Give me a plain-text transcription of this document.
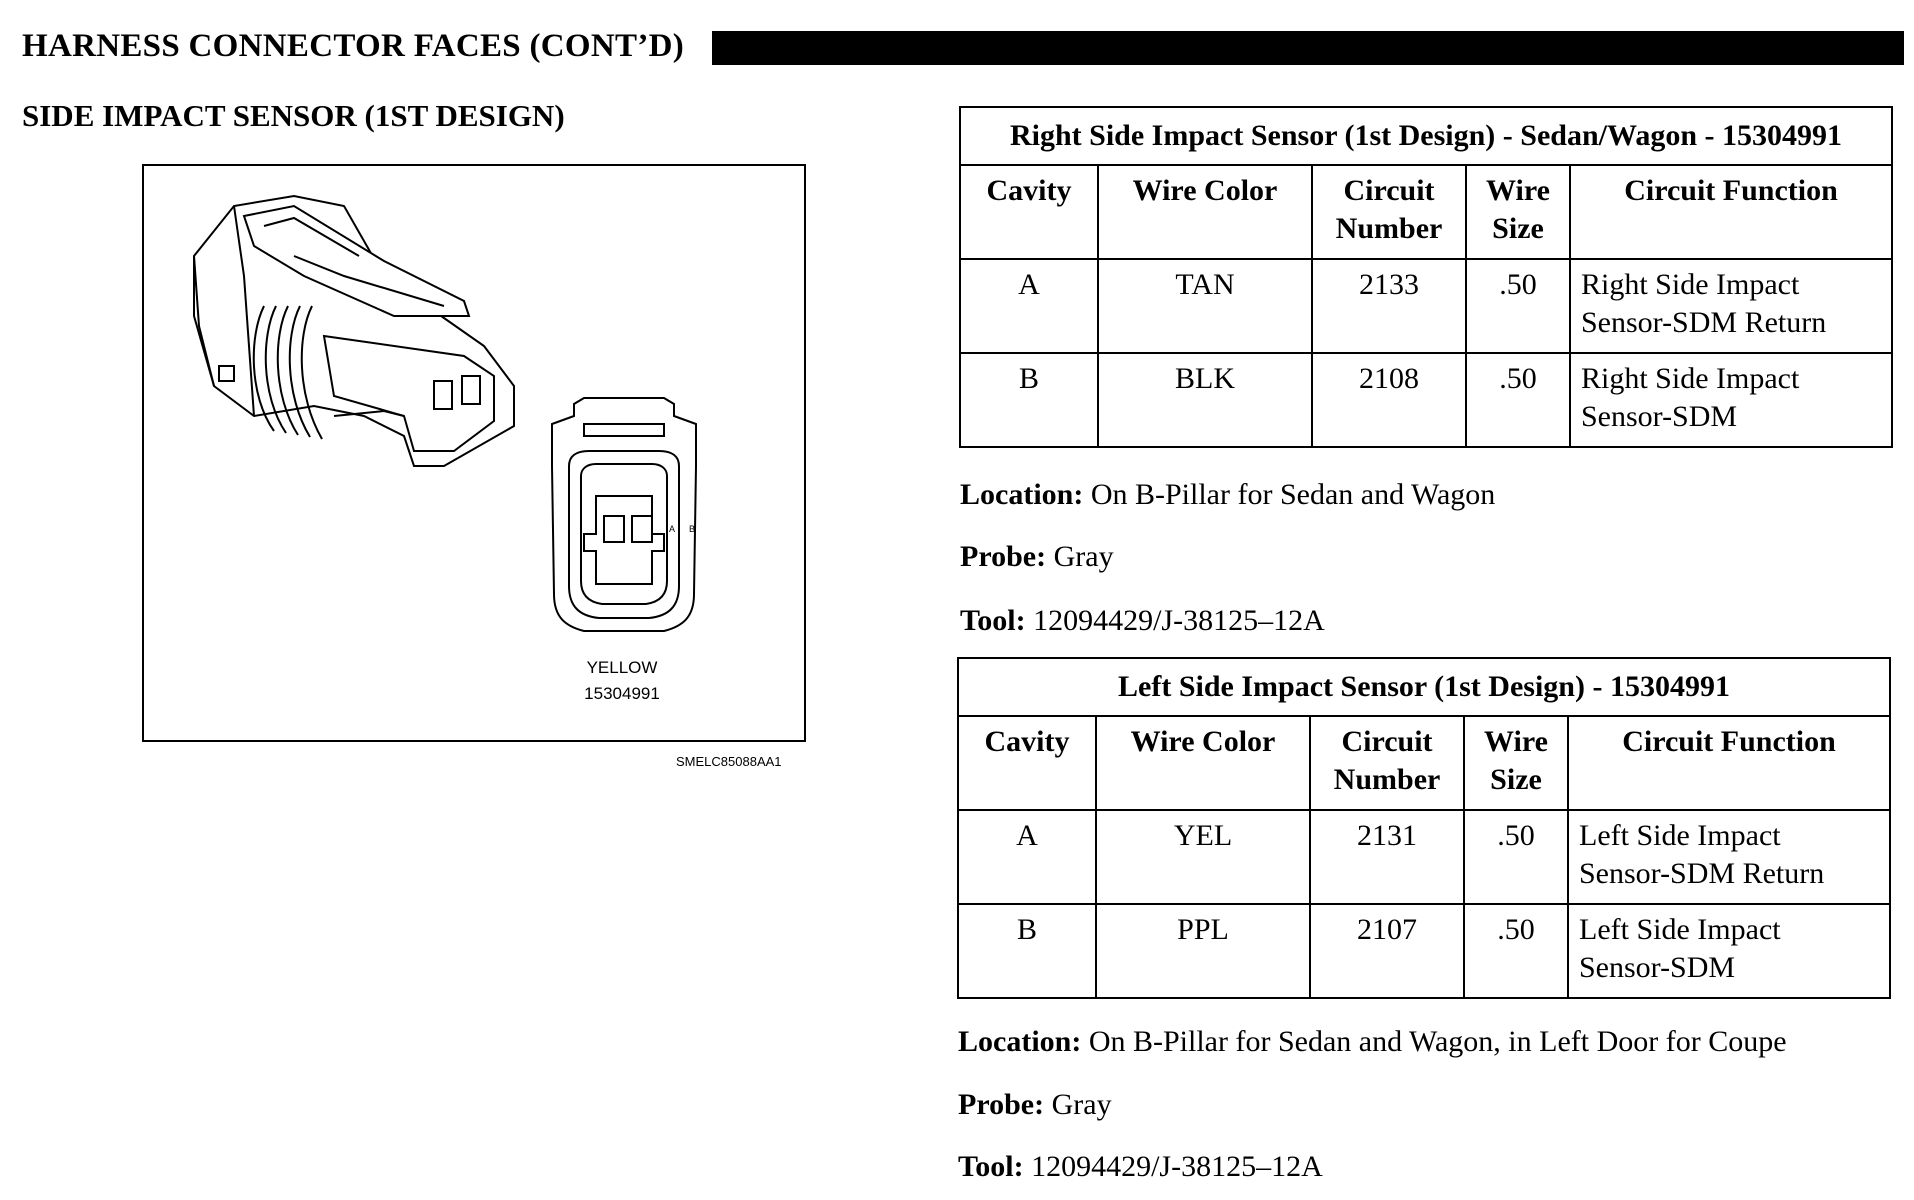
HARNESS CONNECTOR FACES (CONT’D)
SIDE IMPACT SENSOR (1ST DESIGN)
B
A
YELLOW
15304991
SMELC85088AA1
Right Side Impact Sensor (1st Design) - Sedan/Wagon - 15304991				
Cavity	Wire Color	Circuit Number	Wire Size	Circuit Function
A	TAN	2133	.50	Right Side Impact Sensor-SDM Return
B	BLK	2108	.50	Right Side Impact Sensor-SDM
Location: On B-Pillar for Sedan and Wagon
Probe: Gray
Tool: 12094429/J-38125–12A
Left Side Impact Sensor (1st Design) - 15304991				
Cavity	Wire Color	Circuit Number	Wire Size	Circuit Function
A	YEL	2131	.50	Left Side Impact Sensor-SDM Return
B	PPL	2107	.50	Left Side Impact Sensor-SDM
Location: On B-Pillar for Sedan and Wagon, in Left Door for Coupe
Probe: Gray
Tool: 12094429/J-38125–12A
